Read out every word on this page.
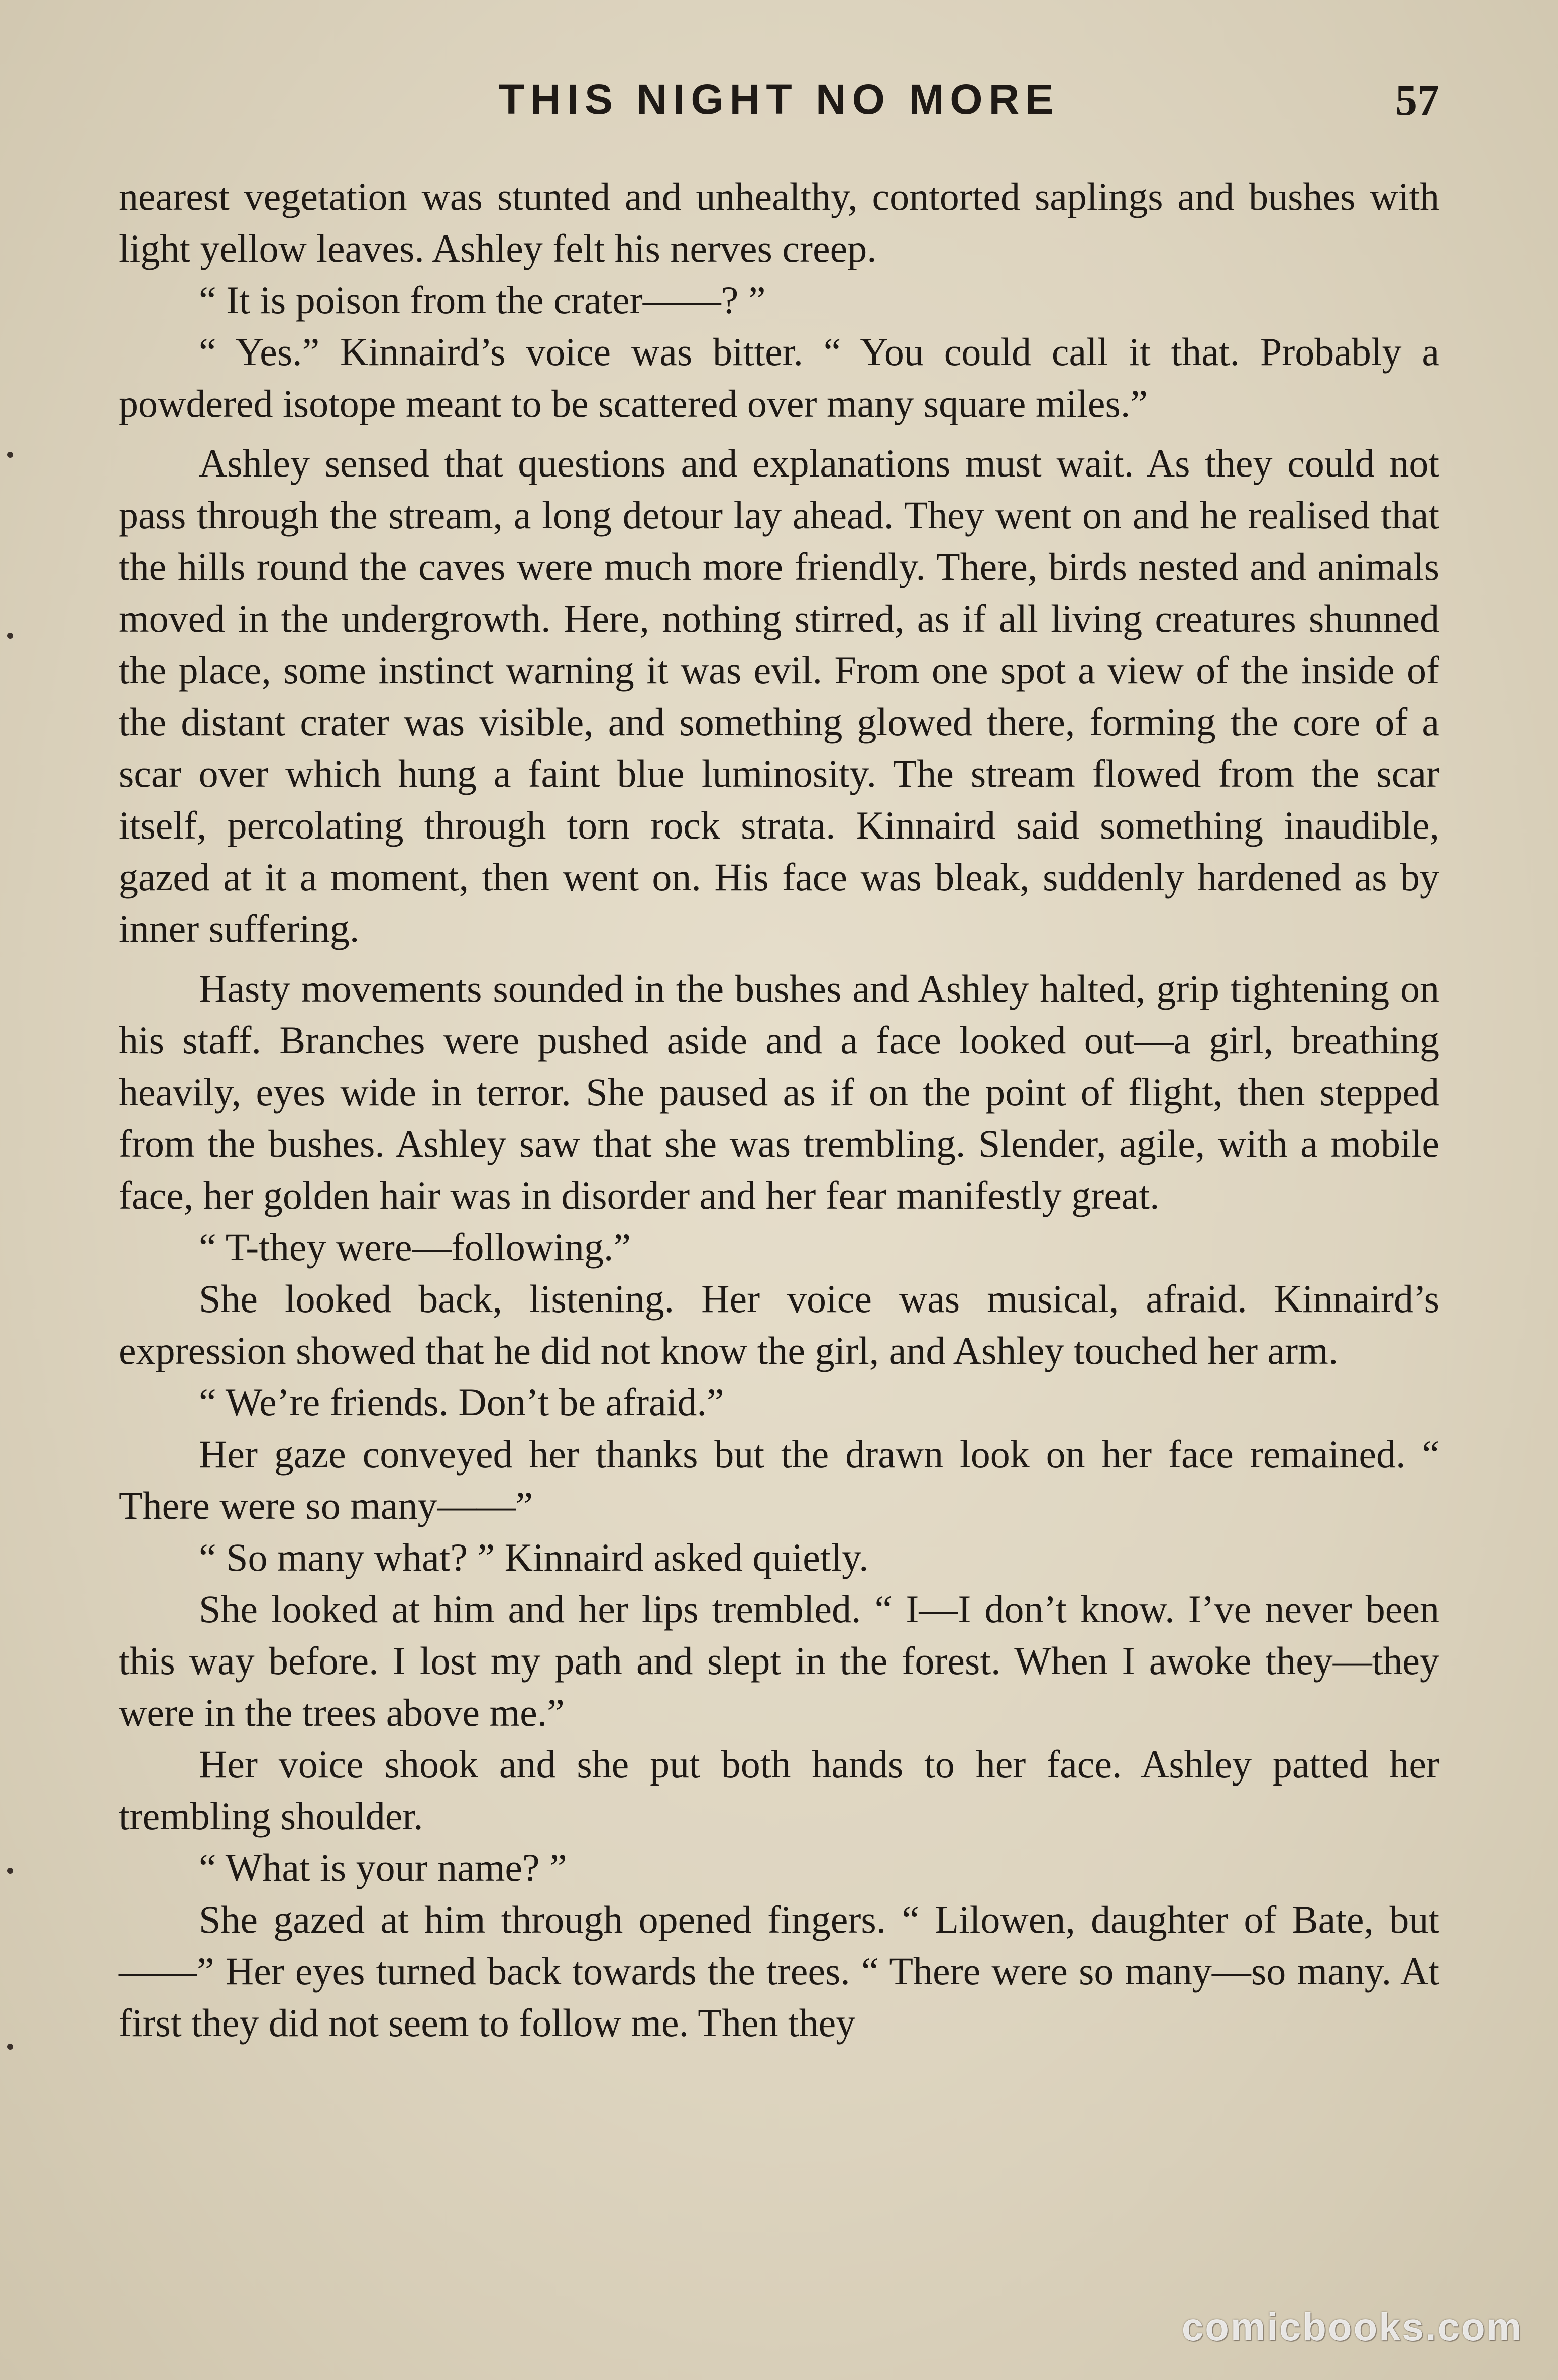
THIS NIGHT NO MORE	57

nearest vegetation was stunted and unhealthy, contorted saplings and bushes with light yellow leaves. Ashley felt his nerves creep.

“ It is poison from the crater——? ”

“ Yes.” Kinnaird’s voice was bitter. “ You could call it that. Probably a powdered isotope meant to be scattered over many square miles.”

Ashley sensed that questions and explanations must wait. As they could not pass through the stream, a long detour lay ahead. They went on and he realised that the hills round the caves were much more friendly. There, birds nested and animals moved in the undergrowth. Here, nothing stirred, as if all living creatures shunned the place, some instinct warning it was evil. From one spot a view of the inside of the distant crater was visible, and something glowed there, forming the core of a scar over which hung a faint blue luminosity. The stream flowed from the scar itself, percolating through torn rock strata. Kinnaird said something inaudible, gazed at it a moment, then went on. His face was bleak, suddenly hardened as by inner suffering.

Hasty movements sounded in the bushes and Ashley halted, grip tightening on his staff. Branches were pushed aside and a face looked out—a girl, breathing heavily, eyes wide in terror. She paused as if on the point of flight, then stepped from the bushes. Ashley saw that she was trembling. Slender, agile, with a mobile face, her golden hair was in disorder and her fear manifestly great.

“ T-they were—following.”

She looked back, listening. Her voice was musical, afraid. Kinnaird’s expression showed that he did not know the girl, and Ashley touched her arm.

“ We’re friends. Don’t be afraid.”

Her gaze conveyed her thanks but the drawn look on her face remained. “ There were so many——”

“ So many what? ” Kinnaird asked quietly.

She looked at him and her lips trembled. “ I—I don’t know. I’ve never been this way before. I lost my path and slept in the forest. When I awoke they—they were in the trees above me.”

Her voice shook and she put both hands to her face. Ashley patted her trembling shoulder.

“ What is your name? ”

She gazed at him through opened fingers. “ Lilowen, daughter of Bate, but——” Her eyes turned back towards the trees. “ There were so many—so many. At first they did not seem to follow me. Then they

comicbooks.com
